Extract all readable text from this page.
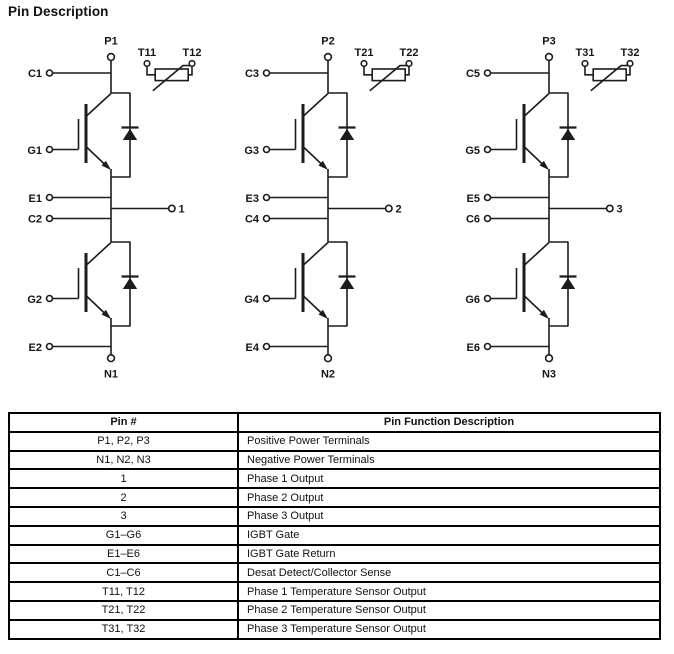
Pin Description
P1
T11 T12
C1
G1
E1
1
C2
G2
E2
N1
P2
T21 T22
C3
G3
E3
2
C4
G4
E4
N2
P3
T31 T32
C5
G5
E5
3
C6
G6
E6
N3
Pin #	Pin Function Description
P1, P2, P3	Positive Power Terminals
N1, N2, N3	Negative Power Terminals
1	Phase 1 Output
2	Phase 2 Output
3	Phase 3 Output
G1–G6	IGBT Gate
E1–E6	IGBT Gate Return
C1–C6	Desat Detect/Collector Sense
T11, T12	Phase 1 Temperature Sensor Output
T21, T22	Phase 2 Temperature Sensor Output
T31, T32	Phase 3 Temperature Sensor Output
